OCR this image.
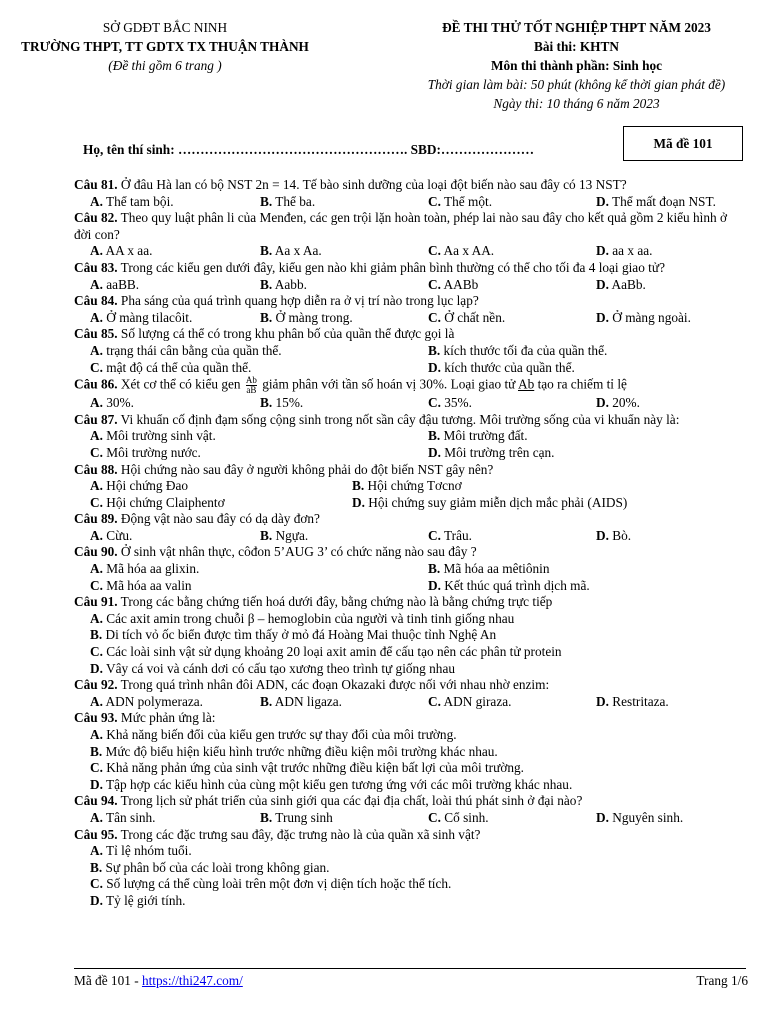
SỞ GDĐT BẮC NINH
TRƯỜNG THPT, TT GDTX TX THUẬN THÀNH
(Đề thi gồm 6 trang )
ĐỀ THI THỬ TỐT NGHIỆP THPT NĂM 2023
Bài thi: KHTN
Môn thi thành phần: Sinh học
Thời gian làm bài: 50 phút (không kể thời gian phát đề)
Ngày thi: 10 tháng 6 năm 2023
Họ, tên thí sinh: ……………………………………………. SBD:…………………	Mã đề 101

Câu 81. Ở đâu Hà lan có bộ NST 2n = 14. Tế bào sinh dưỡng của loại đột biến nào sau đây có 13 NST?

A. Thể tam bội.	B. Thể ba.	C. Thể một.	D. Thể mất đoạn NST.

Câu 82. Theo quy luật phân li của Menđen, các gen trội lặn hoàn toàn, phép lai nào sau đây cho kết quả gồm 2 kiểu hình ở đời con?

A. AA x aa.	B. Aa x Aa.	C. Aa x AA.	D. aa x aa.

Câu 83. Trong các kiểu gen dưới đây, kiểu gen nào khi giảm phân bình thường có thể cho tối đa 4 loại giao tử?

A. aaBB.	B. Aabb.	C. AABb	D. AaBb.

Câu 84. Pha sáng của quá trình quang hợp diễn ra ở vị trí nào trong lục lạp?

A. Ở màng tilacôit.	B. Ở màng trong.	C. Ở chất nền.	D. Ở màng ngoài.

Câu 85. Số lượng cá thể có trong khu phân bố của quần thể được gọi là

A. trạng thái cân bằng của quần thể.	B. kích thước tối đa của quần thể.
C. mật độ cá thể của quần thể.	D. kích thước của quần thể.

Câu 86. Xét cơ thể có kiểu gen $\frac{Ab}{aB}$ giảm phân với tần số hoán vị 30%. Loại giao tử Ab tạo ra chiếm tỉ lệ

A. 30%.	B. 15%.	C. 35%.	D. 20%.

Câu 87. Vi khuẩn cố định đạm sống cộng sinh trong nốt sần cây đậu tương. Môi trường sống của vi khuẩn này là:

A. Môi trường sinh vật.	B. Môi trường đất.
C. Môi trường nước.	D. Môi trường trên cạn.

Câu 88. Hội chứng nào sau đây ở người không phải do đột biến NST gây nên?

A. Hội chứng Đao	B. Hội chứng Tơcnơ
C. Hội chứng Claiphentơ	D. Hội chứng suy giảm miễn dịch mắc phải (AIDS)

Câu 89. Động vật nào sau đây có dạ dày đơn?

A. Cừu.	B. Ngựa.	C. Trâu.	D. Bò.

Câu 90. Ở sinh vật nhân thực, côđon 5’AUG 3’ có chức năng nào sau đây ?

A. Mã hóa aa glixin.	B. Mã hóa aa mêtiônin
C. Mã hóa aa valin	D. Kết thúc quá trình dịch mã.

Câu 91. Trong các bằng chứng tiến hoá dưới đây, bằng chứng nào là bằng chứng trực tiếp

A. Các axit amin trong chuỗi β – hemoglobin của người và tinh tinh giống nhau
B. Di tích vỏ ốc biển được tìm thấy ở mỏ đá Hoàng Mai thuộc tỉnh Nghệ An
C. Các loài sinh vật sử dụng khoảng 20 loại axit amin để cấu tạo nên các phân tử protein
D. Vây cá voi và cánh dơi có cấu tạo xương theo trình tự giống nhau

Câu 92. Trong quá trình nhân đôi ADN, các đoạn Okazaki được nối với nhau nhờ enzim:

A. ADN polymeraza.	B. ADN ligaza.	C. ADN giraza.	D. Restritaza.

Câu 93. Mức phản ứng là:

A. Khả năng biến đổi của kiểu gen trước sự thay đổi của môi trường.
B. Mức độ biểu hiện kiểu hình trước những điều kiện môi trường khác nhau.
C. Khả năng phản ứng của sinh vật trước những điều kiện bất lợi của môi trường.
D. Tập hợp các kiểu hình của cùng một kiểu gen tương ứng với các môi trường khác nhau.

Câu 94. Trong lịch sử phát triển của sinh giới qua các đại địa chất, loài thú phát sinh ở đại nào?

A. Tân sinh.	B. Trung sinh	C. Cổ sinh.	D. Nguyên sinh.

Câu 95. Trong các đặc trưng sau đây, đặc trưng nào là của quần xã sinh vật?

A. Tỉ lệ nhóm tuổi.
B. Sự phân bố của các loài trong không gian.
C. Số lượng cá thể cùng loài trên một đơn vị diện tích hoặc thể tích.
D. Tỷ lệ giới tính.
Mã đề 101 - https://thi247.com/	Trang 1/6
